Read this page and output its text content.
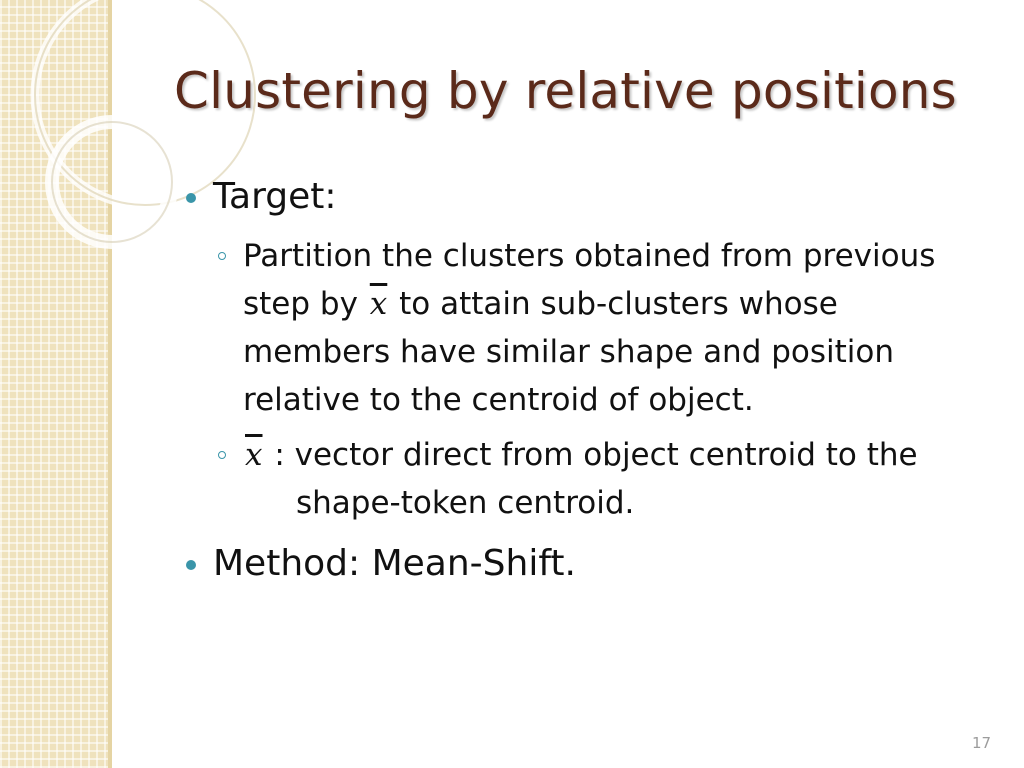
Clustering by relative positions
Target:
Partition the clusters obtained from previous
step by $\overline{x}$ to attain sub-clusters whose
members have similar shape and position
relative to the centroid of object.
$\overline{x}$ : vector direct from object centroid to the
shape-token centroid.
Method: Mean-Shift.
17
